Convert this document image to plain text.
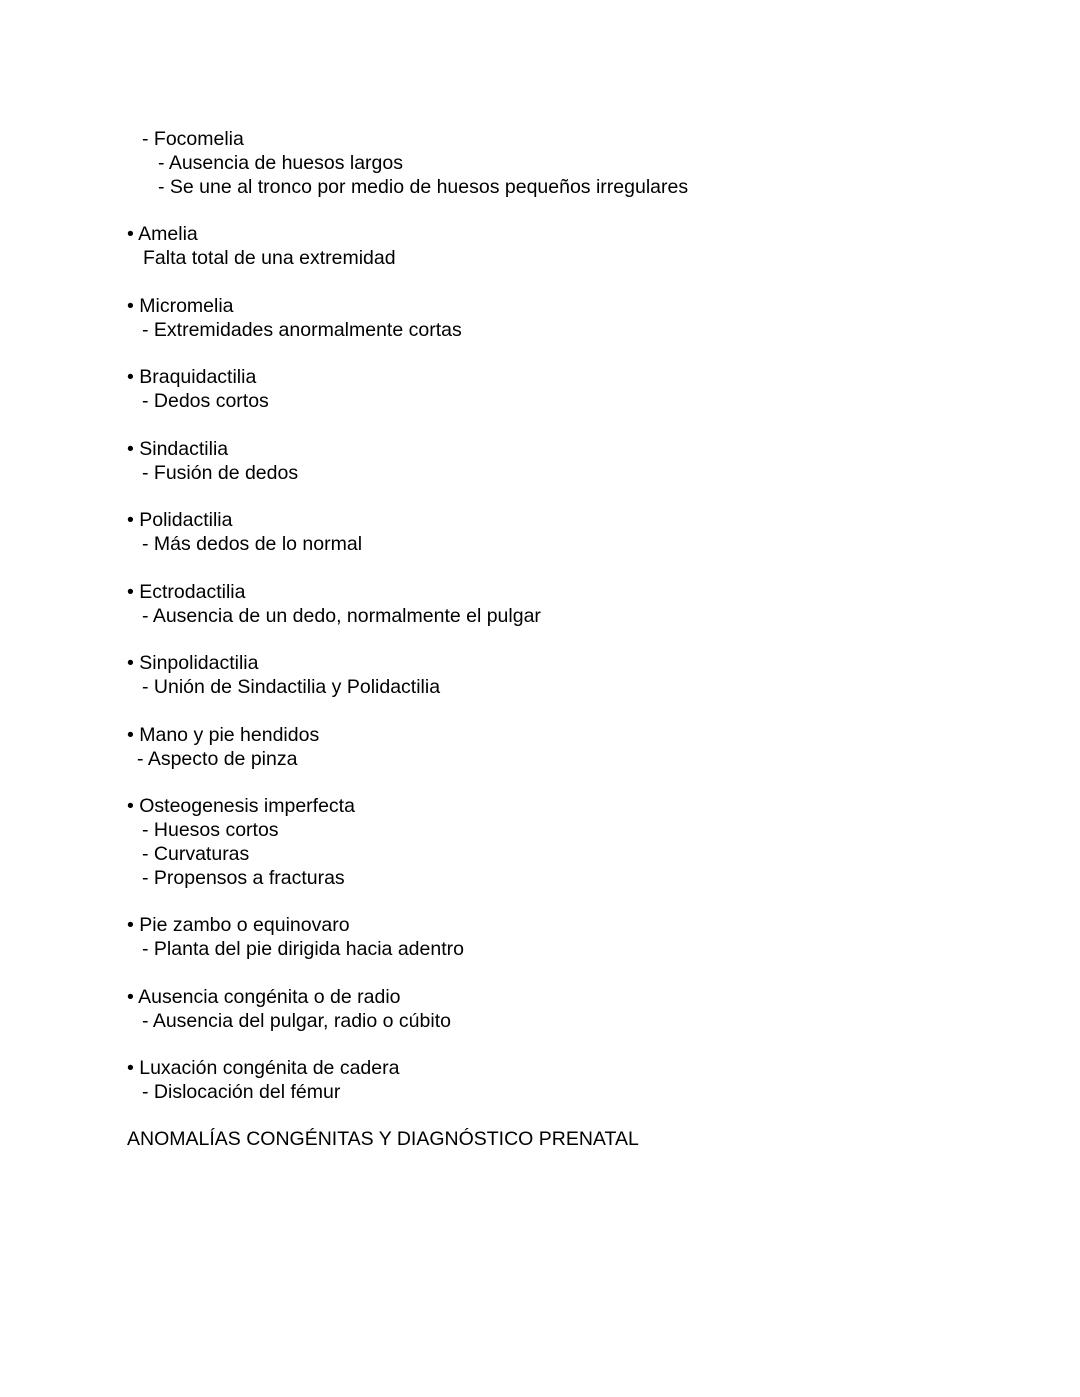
- Focomelia
- Ausencia de huesos largos
- Se une al tronco por medio de huesos pequeños irregulares
• Amelia
Falta total de una extremidad
• Micromelia
- Extremidades anormalmente cortas
• Braquidactilia
- Dedos cortos
• Sindactilia
- Fusión de dedos
• Polidactilia
- Más dedos de lo normal
• Ectrodactilia
- Ausencia de un dedo, normalmente el pulgar
• Sinpolidactilia
- Unión de Sindactilia y Polidactilia
• Mano y pie hendidos
- Aspecto de pinza
• Osteogenesis imperfecta
- Huesos cortos
- Curvaturas
- Propensos a fracturas
• Pie zambo o equinovaro
- Planta del pie dirigida hacia adentro
• Ausencia congénita o de radio
- Ausencia del pulgar, radio o cúbito
• Luxación congénita de cadera
- Dislocación del fémur
ANOMALÍAS CONGÉNITAS Y DIAGNÓSTICO PRENATAL
